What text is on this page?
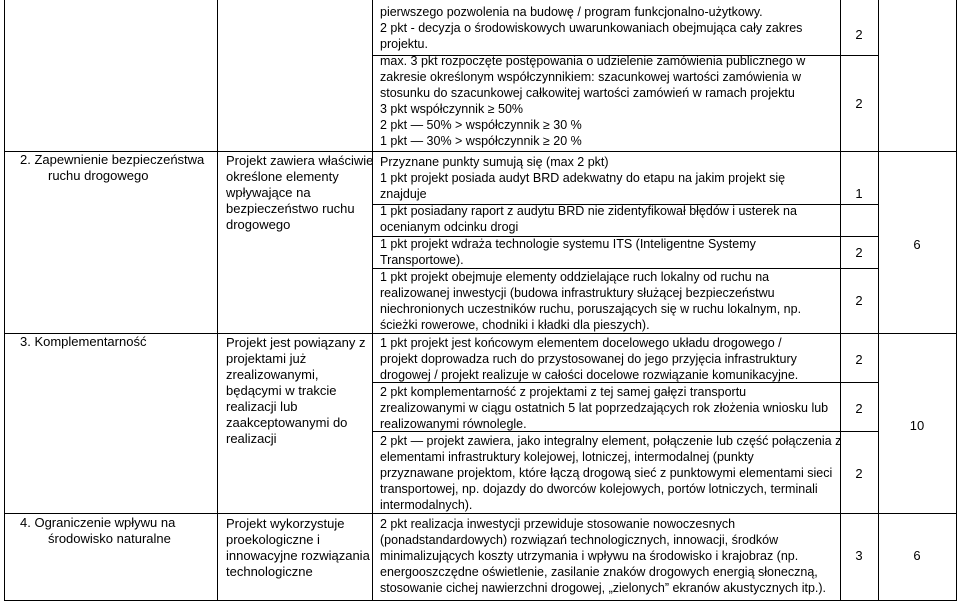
2. Zapewnienie bezpieczeństwa
ruchu drogowego
3. Komplementarność
4. Ograniczenie wpływu na
środowisko naturalne
Projekt zawiera właściwie
określone elementy
wpływające na
bezpieczeństwo ruchu
drogowego
Projekt jest powiązany z
projektami już
zrealizowanymi,
będącymi w trakcie
realizacji lub
zaakceptowanymi do
realizacji
Projekt wykorzystuje
proekologiczne i
innowacyjne rozwiązania
technologiczne
pierwszego pozwolenia na budowę / program funkcjonalno-użytkowy.
2 pkt - decyzja o środowiskowych uwarunkowaniach obejmująca cały zakres
projektu.
max. 3 pkt rozpoczęte postępowania o udzielenie zamówienia publicznego w
zakresie określonym współczynnikiem: szacunkowej wartości zamówienia w
stosunku do szacunkowej całkowitej wartości zamówień w ramach projektu
3 pkt współczynnik ≥ 50%
2 pkt — 50% > współczynnik ≥ 30 %
1 pkt — 30% > współczynnik ≥ 20 %
Przyznane punkty sumują się (max 2 pkt)
1 pkt projekt posiada audyt BRD adekwatny do etapu na jakim projekt się
znajduje
1 pkt posiadany raport z audytu BRD nie zidentyfikował błędów i usterek na
ocenianym odcinku drogi
1 pkt projekt wdraża technologie systemu ITS (Inteligentne Systemy
Transportowe).
1 pkt projekt obejmuje elementy oddzielające ruch lokalny od ruchu na
realizowanej inwestycji (budowa infrastruktury służącej bezpieczeństwu
niechronionych uczestników ruchu, poruszających się w ruchu lokalnym, np.
ścieżki rowerowe, chodniki i kładki dla pieszych).
1 pkt projekt jest końcowym elementem docelowego układu drogowego /
projekt doprowadza ruch do przystosowanej do jego przyjęcia infrastruktury
drogowej / projekt realizuje w całości docelowe rozwiązanie komunikacyjne.
2 pkt komplementarność z projektami z tej samej gałęzi transportu
zrealizowanymi w ciągu ostatnich 5 lat poprzedzających rok złożenia wniosku lub
realizowanymi równolegle.
2 pkt — projekt zawiera, jako integralny element, połączenie lub część połączenia z
elementami infrastruktury kolejowej, lotniczej, intermodalnej (punkty
przyznawane projektom, które łączą drogową sieć z punktowymi elementami sieci
transportowej, np. dojazdy do dworców kolejowych, portów lotniczych, terminali
intermodalnych).
2 pkt realizacja inwestycji przewiduje stosowanie nowoczesnych
(ponadstandardowych) rozwiązań technologicznych, innowacji, środków
minimalizujących koszty utrzymania i wpływu na środowisko i krajobraz (np.
energooszczędne oświetlenie, zasilanie znaków drogowych energią słoneczną,
stosowanie cichej nawierzchni drogowej, „zielonych” ekranów akustycznych itp.).
2
2
1
2
2
2
2
2
3
6
10
6
